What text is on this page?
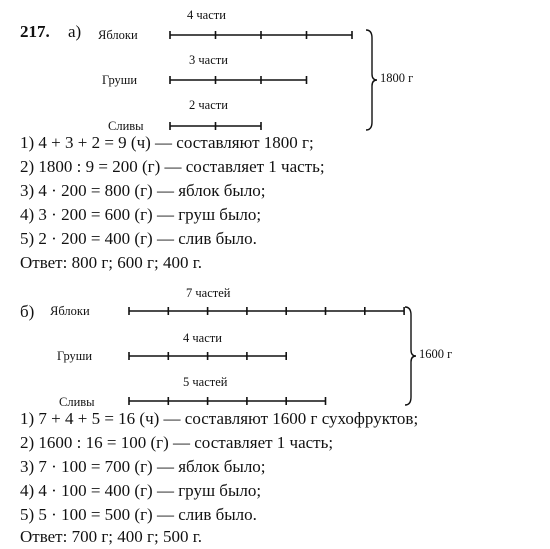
217. а)
4 части
Яблоки
3 части
Груши
2 части
Сливы
1800 г
1) 4 + 3 + 2 = 9 (ч) — составляют 1800 г;
2) 1800 : 9 = 200 (г) — составляет 1 часть;
3) 4 · 200 = 800 (г) — яблок было;
4) 3 · 200 = 600 (г) — груш было;
5) 2 · 200 = 400 (г) — слив было.
Ответ: 800 г; 600 г; 400 г.
б)
7 частей
Яблоки
4 части
Груши
5 частей
Сливы
1600 г
1) 7 + 4 + 5 = 16 (ч) — составляют 1600 г сухофруктов;
2) 1600 : 16 = 100 (г) — составляет 1 часть;
3) 7 · 100 = 700 (г) — яблок было;
4) 4 · 100 = 400 (г) — груш было;
5) 5 · 100 = 500 (г) — слив было.
Ответ: 700 г; 400 г; 500 г.
